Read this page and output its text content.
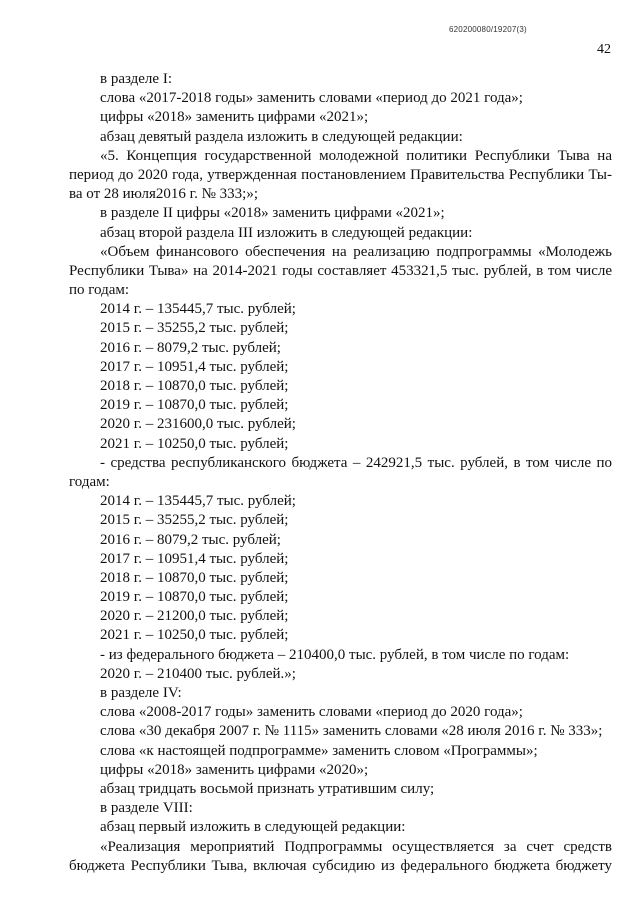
620200080/19207(3)
42
в разделе I:
слова «2017-2018 годы» заменить словами «период до 2021 года»;
цифры «2018» заменить цифрами «2021»;
абзац девятый раздела изложить в следующей редакции:
«5. Концепция государственной молодежной политики Республики Тыва на
период до 2020 года, утвержденная постановлением Правительства Республики Ты-
ва от 28 июля2016 г. № 333;»;
в разделе II цифры «2018» заменить цифрами «2021»;
абзац второй раздела III изложить в следующей редакции:
«Объем финансового обеспечения на реализацию подпрограммы «Молодежь
Республики Тыва» на 2014-2021 годы составляет 453321,5 тыс. рублей, в том числе
по годам:
2014 г. – 135445,7 тыс. рублей;
2015 г. – 35255,2 тыс. рублей;
2016 г. – 8079,2 тыс. рублей;
2017 г. – 10951,4 тыс. рублей;
2018 г. – 10870,0 тыс. рублей;
2019 г. – 10870,0 тыс. рублей;
2020 г. – 231600,0 тыс. рублей;
2021 г. – 10250,0 тыс. рублей;
- средства республиканского бюджета – 242921,5 тыс. рублей, в том числе по
годам:
2014 г. – 135445,7 тыс. рублей;
2015 г. – 35255,2 тыс. рублей;
2016 г. – 8079,2 тыс. рублей;
2017 г. – 10951,4 тыс. рублей;
2018 г. – 10870,0 тыс. рублей;
2019 г. – 10870,0 тыс. рублей;
2020 г. – 21200,0 тыс. рублей;
2021 г. – 10250,0 тыс. рублей;
- из федерального бюджета – 210400,0 тыс. рублей, в том числе по годам:
2020 г. – 210400 тыс. рублей.»;
в разделе IV:
слова «2008-2017 годы» заменить словами «период до 2020 года»;
слова «30 декабря 2007 г. № 1115» заменить словами «28 июля 2016 г. № 333»;
слова «к настоящей подпрограмме» заменить словом «Программы»;
цифры «2018» заменить цифрами «2020»;
абзац тридцать восьмой признать утратившим силу;
в разделе VIII:
абзац первый изложить в следующей редакции:
«Реализация мероприятий Подпрограммы осуществляется за счет средств
бюджета Республики Тыва, включая субсидию из федерального бюджета бюджету
